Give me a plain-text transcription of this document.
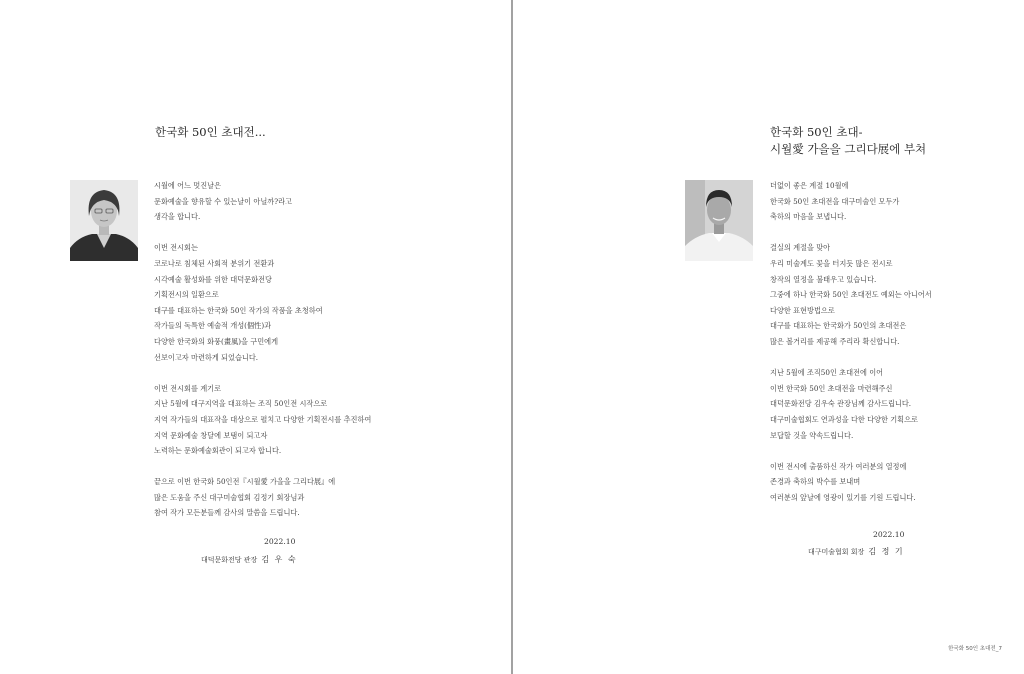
한국화 50인 초대전...
시월에 어느 멋진날은
문화예술을 향유할 수 있는날이 아닐까?라고
생각을 합니다.
이번 전시회는
코로나로 침체된 사회적 분위기 전환과
시각예술 활성화를 위한 대덕문화전당
기획전시의 일환으로
대구를 대표하는 한국화 50인 작가의 작품을 초청하여
작가들의 독특한 예술적 개성(個性)과
다양한 한국화의 화풍(畫風)을 구민에게
선보이고자 마련하게 되었습니다.
이번 전시회를 계기로
지난 5월에 대구지역을 대표하는 조직 50인전 시작으로
지역 작가들의 대표작을 대상으로 펼치고 다양한 기획전시를 추진하여
지역 문화예술 창달에 보탬이 되고자
노력하는 문화예술회관이 되고자 합니다.
끝으로 이번 한국화 50인전『시월愛 가을을 그리다展』에
많은 도움을 주신 대구미술협회 김정기 회장님과
참여 작가 모든분들께 감사의 말씀을 드립니다.
2022.10
대덕문화전당 관장 김 우 숙
한국화 50인 초대-
시월愛 가을을 그리다展에 부쳐
더없이 좋은 계절 10월에
한국화 50인 초대전을 대구미술인 모두가
축하의 마음을 보냅니다.
결실의 계절을 맞아
우리 미술계도 꽃을 터지듯 많은 전시로
창작의 열정을 불태우고 있습니다.
그중에 하나 한국화 50인 초대전도 예외는 아니어서
다양한 표현방법으로
대구를 대표하는 한국화가 50인의 초대전은
많은 볼거리를 제공해 주리라 확신합니다.
지난 5월에 조직50인 초대전에 이어
이번 한국화 50인 초대전을 마련해주신
대덕문화전당 김우숙 관장님께 감사드립니다.
대구미술협회도 연과성을 다한 다양한 기획으로
보답할 것을 약속드립니다.
이번 전시에 출품하신 작가 여러분의 열정에
존경과 축하의 박수를 보내며
여러분의 앞날에 영광이 있기를 기원 드립니다.
2022.10
대구미술협회 회장 김 정 기
한국화 50인 초대전_7
